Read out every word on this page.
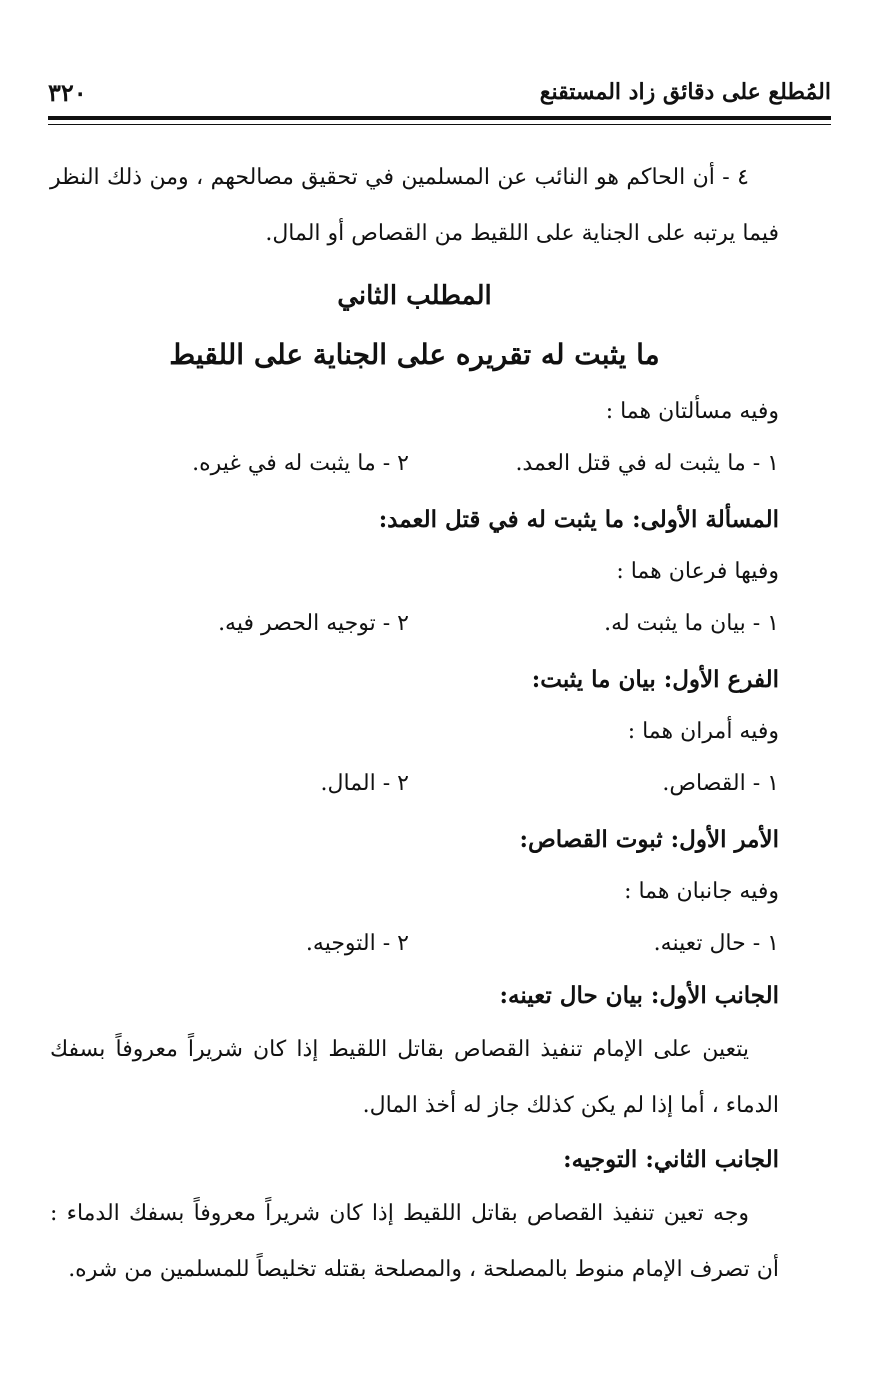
٣٢٠	المُطلع على دقائق زاد المستقنع

٤ - أن الحاكم هو النائب عن المسلمين في تحقيق مصالحهم ، ومن ذلك النظر فيما يرتبه على الجناية على اللقيط من القصاص أو المال.

المطلب الثاني

ما يثبت له تقريره على الجناية على اللقيط

وفيه مسألتان هما :

١ - ما يثبت له في قتل العمد.
٢ - ما يثبت له في غيره.

المسألة الأولى: ما يثبت له في قتل العمد:

وفيها فرعان هما :

١ - بيان ما يثبت له.
٢ - توجيه الحصر فيه.

الفرع الأول: بيان ما يثبت:

وفيه أمران هما :

١ - القصاص.
٢ - المال.

الأمر الأول: ثبوت القصاص:

وفيه جانبان هما :

١ - حال تعينه.
٢ - التوجيه.

الجانب الأول: بيان حال تعينه:

يتعين على الإمام تنفيذ القصاص بقاتل اللقيط إذا كان شريراً معروفاً بسفك الدماء ، أما إذا لم يكن كذلك جاز له أخذ المال.

الجانب الثاني: التوجيه:

وجه تعين تنفيذ القصاص بقاتل اللقيط إذا كان شريراً معروفاً بسفك الدماء : أن تصرف الإمام منوط بالمصلحة ، والمصلحة بقتله تخليصاً للمسلمين من شره.
